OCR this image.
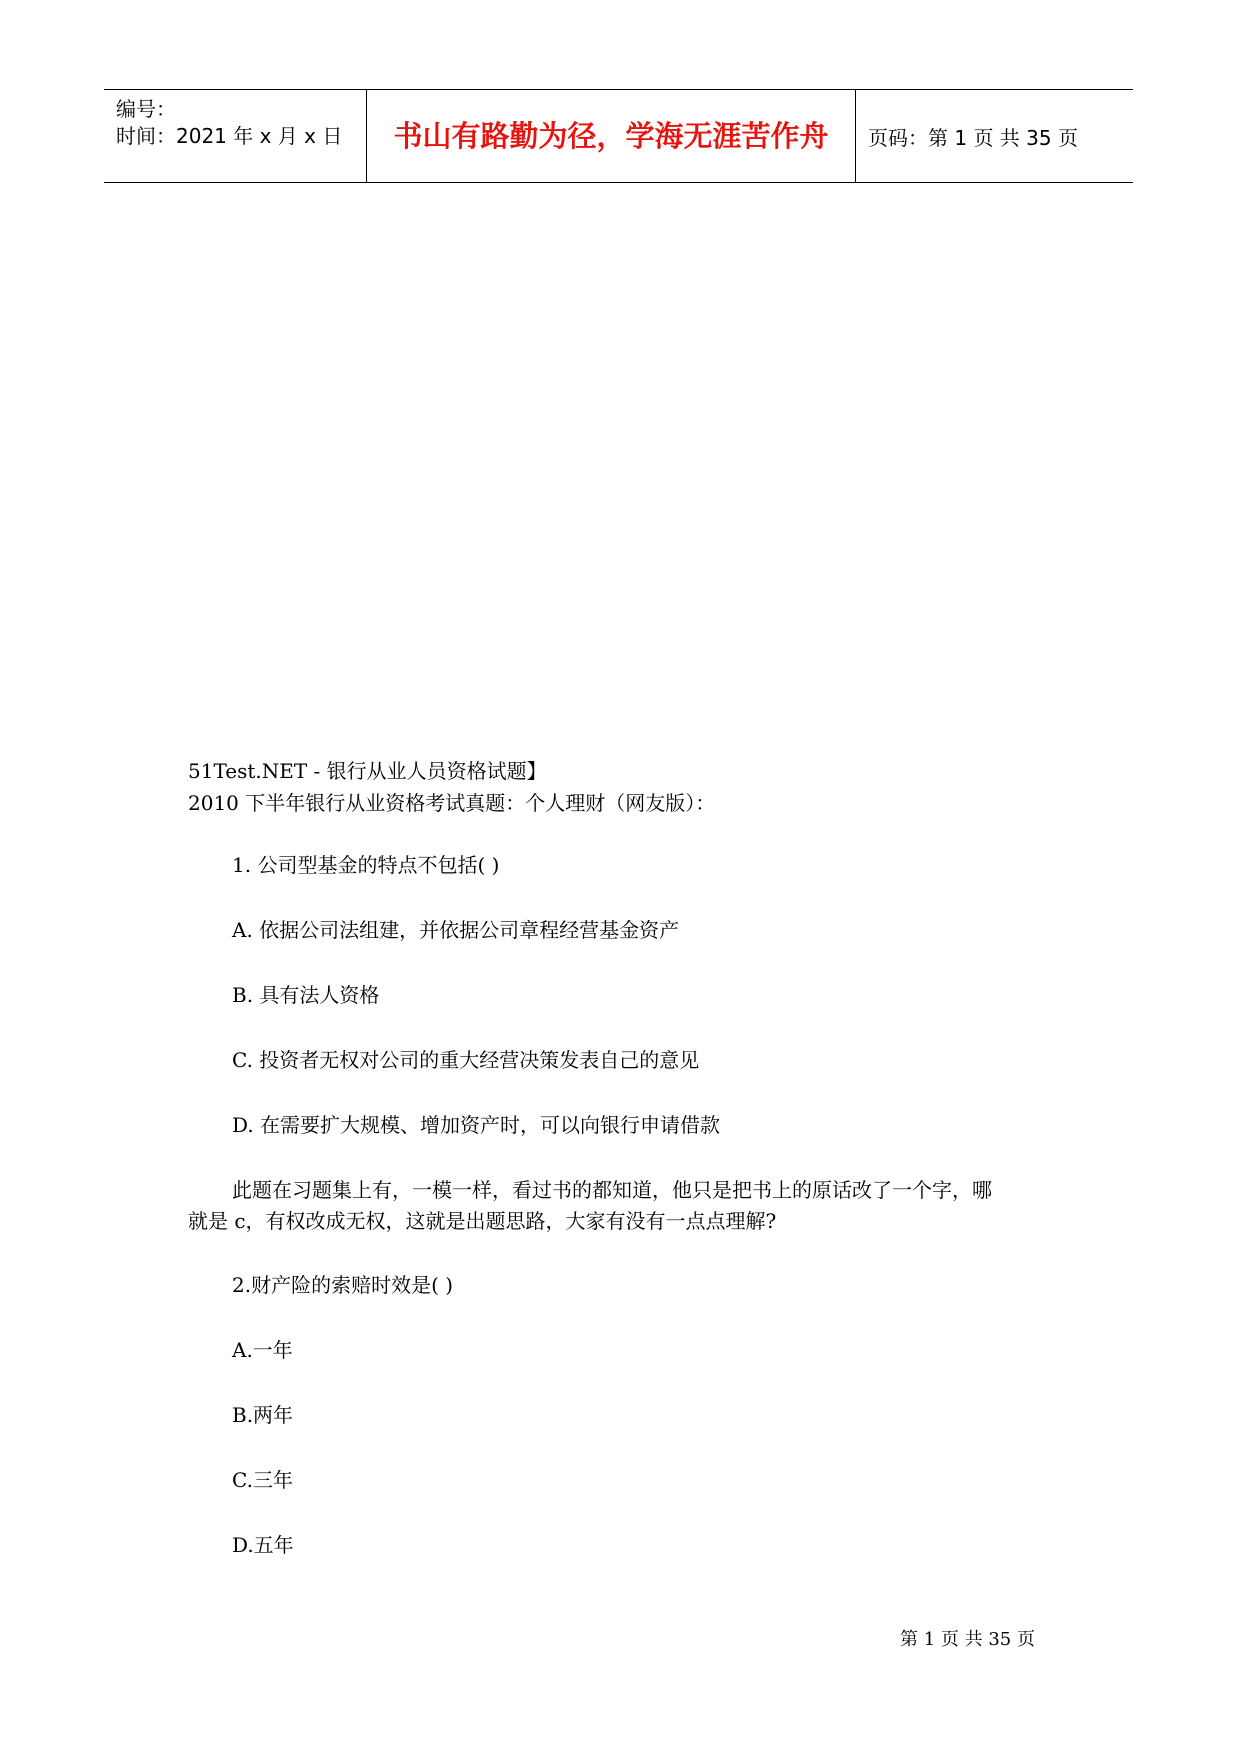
编号：
时间：2021 年 x 月 x 日	书山有路勤为径，学海无涯苦作舟	页码：第 1 页 共 35 页
51Test.NET - 银行从业人员资格试题】
2010 下半年银行从业资格考试真题：个人理财（网友版）：
1. 公司型基金的特点不包括( )
A. 依据公司法组建，并依据公司章程经营基金资产
B. 具有法人资格
C. 投资者无权对公司的重大经营决策发表自己的意见
D. 在需要扩大规模、增加资产时，可以向银行申请借款
此题在习题集上有，一模一样，看过书的都知道，他只是把书上的原话改了一个字，哪
就是 c，有权改成无权，这就是出题思路，大家有没有一点点理解?
2.财产险的索赔时效是( )
A.一年
B.两年
C.三年
D.五年
第 1 页 共 35 页
